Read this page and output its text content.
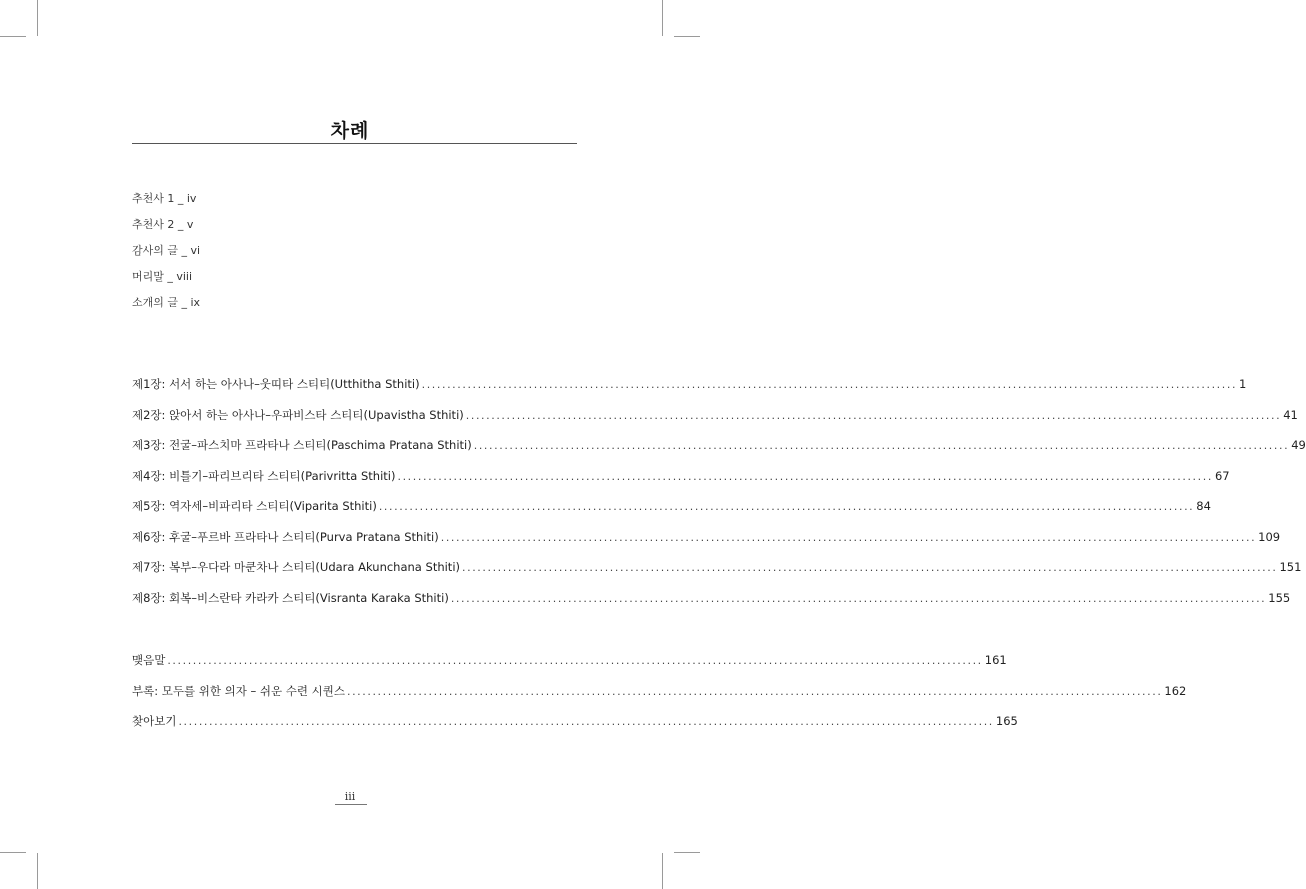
차례
추천사 1 _ iv
추천사 2 _ v
감사의 글 _ vi
머리말 _ viii
소개의 글 _ ix
제1장: 서서 하는 아사나–웃띠타 스티티(Utthitha Sthiti) ................................................................................................................................................................ 1
제2장: 앉아서 하는 아사나–우파비스타 스티티(Upavistha Sthiti) ................................................................................................................................................................ 41
제3장: 전굴–파스치마 프라타나 스티티(Paschima Pratana Sthiti) ................................................................................................................................................................ 49
제4장: 비틀기–파리브리타 스티티(Parivritta Sthiti) ................................................................................................................................................................ 67
제5장: 역자세–비파리타 스티티(Viparita Sthiti) ................................................................................................................................................................ 84
제6장: 후굴–푸르바 프라타나 스티티(Purva Pratana Sthiti) ................................................................................................................................................................ 109
제7장: 복부–우다라 마쿤차나 스티티(Udara Akunchana Sthiti) ................................................................................................................................................................ 151
제8장: 회복–비스란타 카라카 스티티(Visranta Karaka Sthiti) ................................................................................................................................................................ 155
맺음말 ................................................................................................................................................................ 161
부록: 모두를 위한 의자 – 쉬운 수련 시퀀스 ................................................................................................................................................................ 162
찾아보기 ................................................................................................................................................................ 165
iii
